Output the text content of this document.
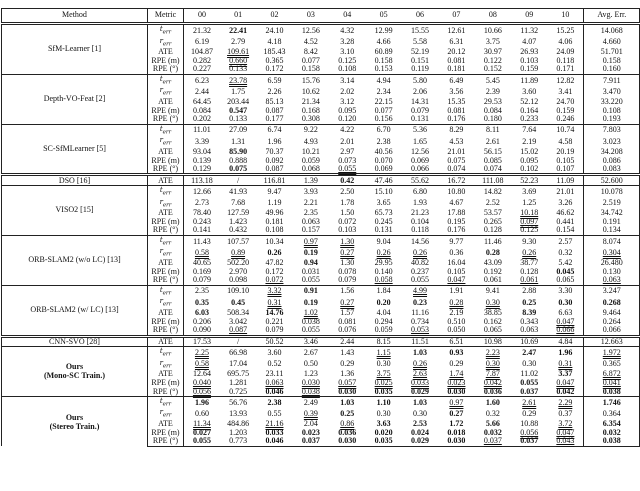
Method	Metric	00	01	02	03	04	05	06	07	08	09	10	Avg. Err.

SfM-Learner [1]	$t_{err}$	21.32	22.41	24.10	12.56	4.32	12.99	15.55	12.61	10.66	11.32	15.25	14.068
	$r_{err}$	6.19	2.79	4.18	4.52	3.28	4.66	5.58	6.31	3.75	4.07	4.06	4.660
	ATE	104.87	109.61	185.43	8.42	3.10	60.89	52.19	20.12	30.97	26.93	24.09	51.701
	RPE (m)	0.282	0.660	0.365	0.077	0.125	0.158	0.151	0.081	0.122	0.103	0.118	0.158
	RPE (°)	0.227	0.133	0.172	0.158	0.108	0.153	0.119	0.181	0.152	0.159	0.171	0.160

Depth-VO-Feat [2]	$t_{err}$	6.23	23.78	6.59	15.76	3.14	4.94	5.80	6.49	5.45	11.89	12.82	7.911
	$r_{err}$	2.44	1.75	2.26	10.62	2.02	2.34	2.06	3.56	2.39	3.60	3.41	3.470
	ATE	64.45	203.44	85.13	21.34	3.12	22.15	14.31	15.35	29.53	52.12	24.70	33.220
	RPE (m)	0.084	0.547	0.087	0.168	0.095	0.077	0.079	0.081	0.084	0.164	0.159	0.108
	RPE (°)	0.202	0.133	0.177	0.308	0.120	0.156	0.131	0.176	0.180	0.233	0.246	0.193

SC-SfMLearner [5]	$t_{err}$	11.01	27.09	6.74	9.22	4.22	6.70	5.36	8.29	8.11	7.64	10.74	7.803
	$r_{err}$	3.39	1.31	1.96	4.93	2.01	2.38	1.65	4.53	2.61	2.19	4.58	3.023
	ATE	93.04	85.90	70.37	10.21	2.97	40.56	12.56	21.01	56.15	15.02	20.19	34.208
	RPE (m)	0.139	0.888	0.092	0.059	0.073	0.070	0.069	0.075	0.085	0.095	0.105	0.086
	RPE (°)	0.129	0.075	0.087	0.068	0.055	0.069	0.066	0.074	0.074	0.102	0.107	0.083

DSO [16]	ATE	113.18	/	116.81	1.39	0.42	47.46	55.62	16.72	111.08	52.23	11.09	52.600

VISO2 [15]	$t_{err}$	12.66	41.93	9.47	3.93	2.50	15.10	6.80	10.80	14.82	3.69	21.01	10.078
	$r_{err}$	2.73	7.68	1.19	2.21	1.78	3.65	1.93	4.67	2.52	1.25	3.26	2.519
	ATE	78.40	127.59	49.96	2.35	1.50	65.73	21.23	17.88	53.57	10.18	46.62	34.742
	RPE (m)	0.243	1.423	0.181	0.063	0.072	0.245	0.104	0.195	0.265	0.097	0.441	0.191
	RPE (°)	0.141	0.432	0.108	0.157	0.103	0.131	0.118	0.176	0.128	0.125	0.154	0.134

ORB-SLAM2 (w/o LC) [13]	$t_{err}$	11.43	107.57	10.34	0.97	1.30	9.04	14.56	9.77	11.46	9.30	2.57	8.074
	$r_{err}$	0.58	0.89	0.26	0.19	0.27	0.26	0.26	0.36	0.28	0.26	0.32	0.304
	ATE	40.65	502.20	47.82	0.94	1.30	29.95	40.82	16.04	43.09	38.77	5.42	26.480
	RPE (m)	0.169	2.970	0.172	0.031	0.078	0.140	0.237	0.105	0.192	0.128	0.045	0.130
	RPE (°)	0.079	0.098	0.072	0.055	0.079	0.058	0.055	0.047	0.061	0.061	0.065	0.063

ORB-SLAM2 (w/ LC) [13]	$t_{err}$	2.35	109.10	3.32	0.91	1.56	1.84	4.99	1.91	9.41	2.88	3.30	3.247
	$r_{err}$	0.35	0.45	0.31	0.19	0.27	0.20	0.23	0.28	0.30	0.25	0.30	0.268
	ATE	6.03	508.34	14.76	1.02	1.57	4.04	11.16	2.19	38.85	8.39	6.63	9.464
	RPE (m)	0.206	3.042	0.221	0.038	0.081	0.294	0.734	0.510	0.162	0.343	0.047	0.264
	RPE (°)	0.090	0.087	0.079	0.055	0.076	0.059	0.053	0.050	0.065	0.063	0.066	0.066

CNN-SVO [28]	ATE	17.53	/	50.52	3.46	2.44	8.15	11.51	6.51	10.98	10.69	4.84	12.663

Ours
(Mono-SC Train.)	$t_{err}$	2.25	66.98	3.60	2.67	1.43	1.15	1.03	0.93	2.23	2.47	1.96	1.972
	$r_{err}$	0.58	17.04	0.52	0.50	0.29	0.30	0.26	0.29	0.30	0.30	0.31	0.365
	ATE	12.64	695.75	23.11	1.23	1.36	3.75	2.63	1.74	7.87	11.02	3.37	6.872
	RPE (m)	0.040	1.281	0.063	0.030	0.057	0.025	0.033	0.023	0.042	0.055	0.047	0.041
	RPE (°)	0.056	0.725	0.046	0.038	0.030	0.035	0.029	0.030	0.036	0.037	0.042	0.038

Ours
(Stereo Train.)	$t_{err}$	1.96	56.76	2.38	2.49	1.03	1.10	1.03	0.97	1.60	2.61	2.29	1.746
	$r_{err}$	0.60	13.93	0.55	0.39	0.25	0.30	0.30	0.27	0.32	0.29	0.37	0.364
	ATE	11.34	484.86	21.16	2.04	0.86	3.63	2.53	1.72	5.66	10.88	3.72	6.354
	RPE (m)	0.027	1.203	0.033	0.023	0.036	0.020	0.024	0.018	0.032	0.056	0.047	0.032
	RPE (°)	0.055	0.773	0.046	0.037	0.030	0.035	0.029	0.030	0.037	0.037	0.043	0.038
